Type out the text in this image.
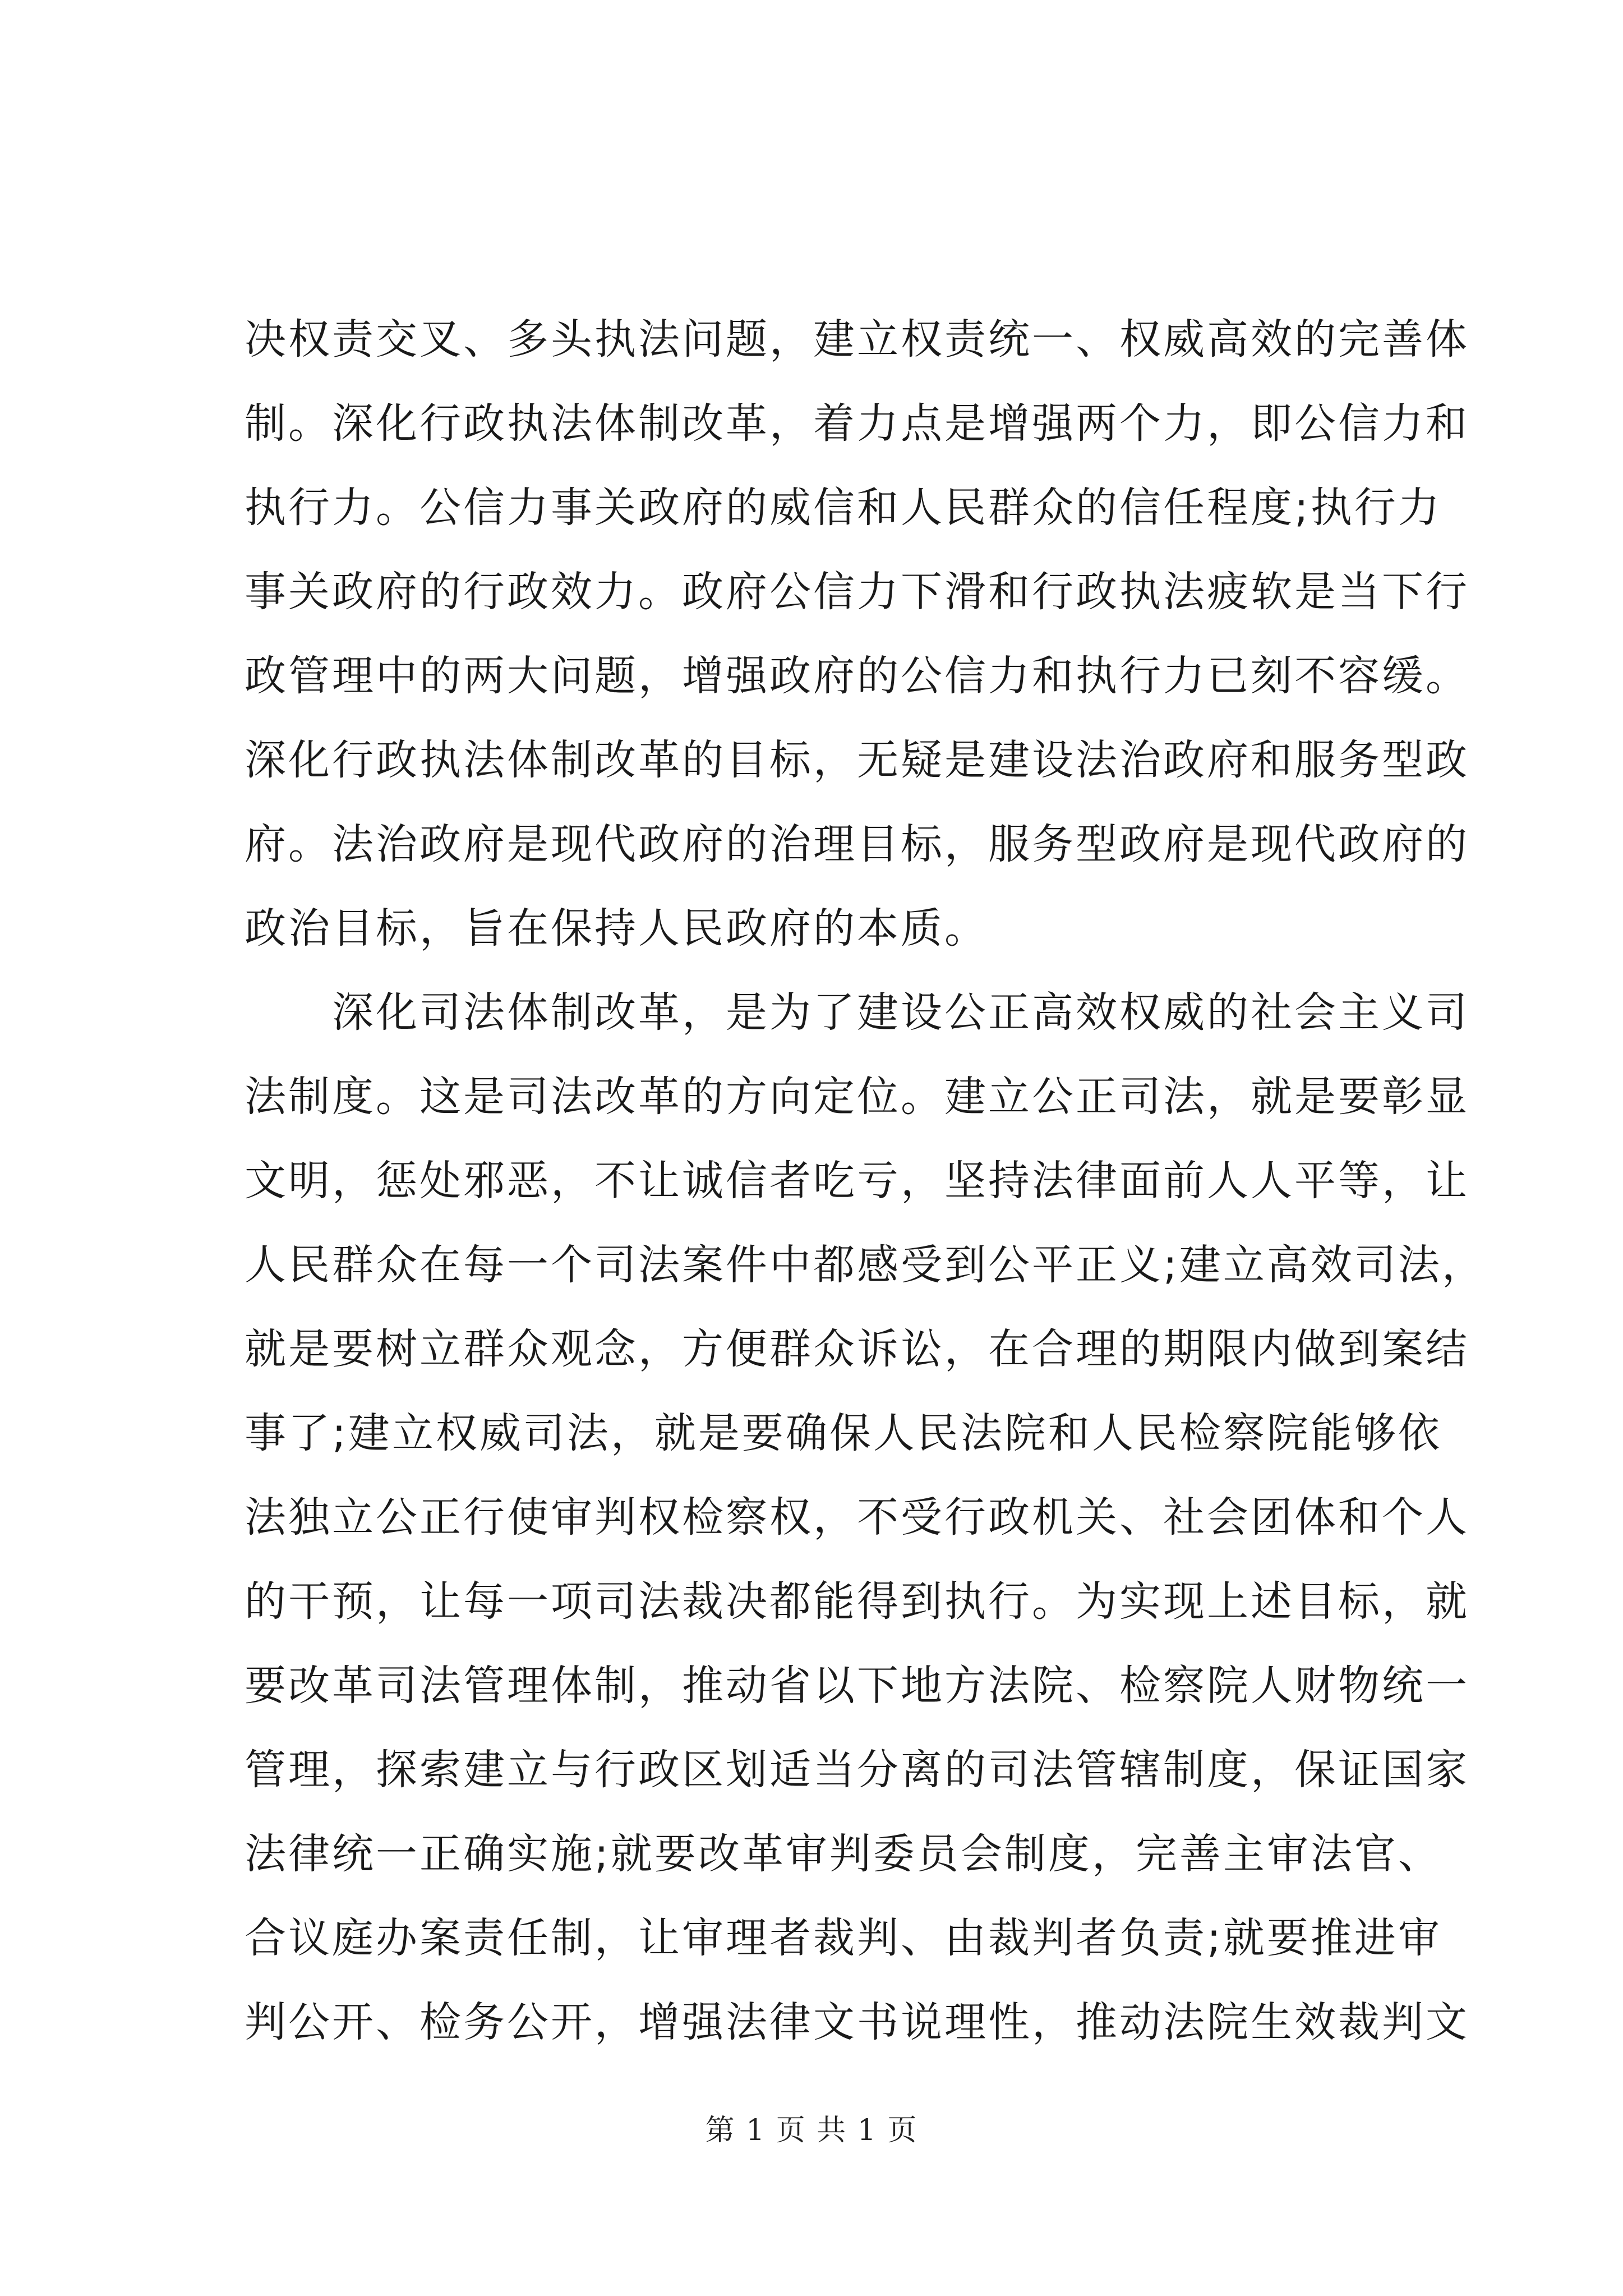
决权责交叉、多头执法问题，建立权责统一、权威高效的完善体
制。深化行政执法体制改革，着力点是增强两个力，即公信力和
执行力。公信力事关政府的威信和人民群众的信任程度;执行力
事关政府的行政效力。政府公信力下滑和行政执法疲软是当下行
政管理中的两大问题，增强政府的公信力和执行力已刻不容缓。
深化行政执法体制改革的目标，无疑是建设法治政府和服务型政
府。法治政府是现代政府的治理目标，服务型政府是现代政府的
政治目标，旨在保持人民政府的本质。
深化司法体制改革，是为了建设公正高效权威的社会主义司
法制度。这是司法改革的方向定位。建立公正司法，就是要彰显
文明，惩处邪恶，不让诚信者吃亏，坚持法律面前人人平等，让
人民群众在每一个司法案件中都感受到公平正义;建立高效司法，
就是要树立群众观念，方便群众诉讼，在合理的期限内做到案结
事了;建立权威司法，就是要确保人民法院和人民检察院能够依
法独立公正行使审判权检察权，不受行政机关、社会团体和个人
的干预，让每一项司法裁决都能得到执行。为实现上述目标，就
要改革司法管理体制，推动省以下地方法院、检察院人财物统一
管理，探索建立与行政区划适当分离的司法管辖制度，保证国家
法律统一正确实施;就要改革审判委员会制度，完善主审法官、
合议庭办案责任制，让审理者裁判、由裁判者负责;就要推进审
判公开、检务公开，增强法律文书说理性，推动法院生效裁判文
第 1 页 共 1 页
